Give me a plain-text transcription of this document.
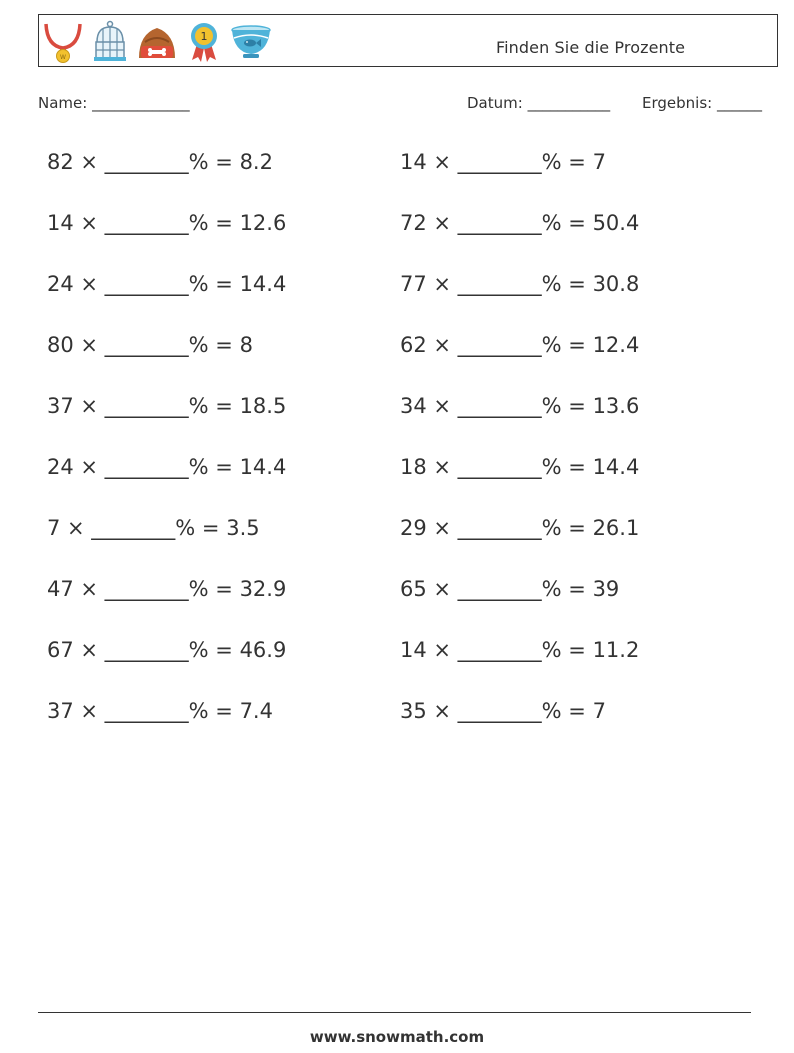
W
1
Finden Sie die Prozente
Name: _____________	Datum: ___________ Ergebnis: ______
82 × ________% = 8.2
14 × ________% = 12.6
24 × ________% = 14.4
80 × ________% = 8
37 × ________% = 18.5
24 × ________% = 14.4
7 × ________% = 3.5
47 × ________% = 32.9
67 × ________% = 46.9
37 × ________% = 7.4
14 × ________% = 7
72 × ________% = 50.4
77 × ________% = 30.8
62 × ________% = 12.4
34 × ________% = 13.6
18 × ________% = 14.4
29 × ________% = 26.1
65 × ________% = 39
14 × ________% = 11.2
35 × ________% = 7
www.snowmath.com
